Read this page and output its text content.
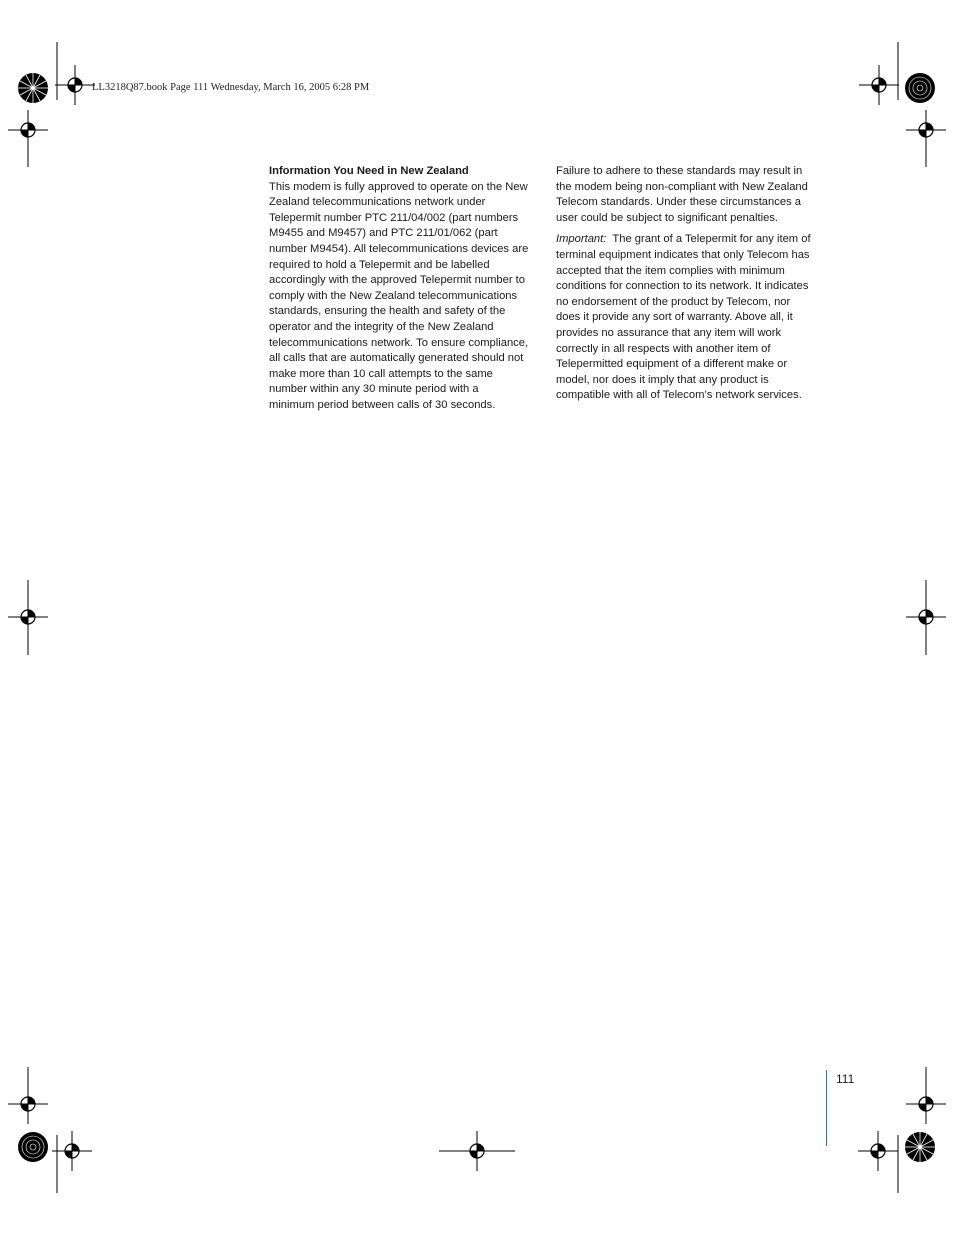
LL3218Q87.book Page 111 Wednesday, March 16, 2005 6:28 PM

Information You Need in New Zealand

This modem is fully approved to operate on the New
Zealand telecommunications network under
Telepermit number PTC 211/04/002 (part numbers
M9455 and M9457) and PTC 211/01/062 (part
number M9454). All telecommunications devices are
required to hold a Telepermit and be labelled
accordingly with the approved Telepermit number to
comply with the New Zealand telecommunications
standards, ensuring the health and safety of the
operator and the integrity of the New Zealand
telecommunications network. To ensure compliance,
all calls that are automatically generated should not
make more than 10 call attempts to the same
number within any 30 minute period with a
minimum period between calls of 30 seconds.

Failure to adhere to these standards may result in
the modem being non-compliant with New Zealand
Telecom standards. Under these circumstances a
user could be subject to significant penalties.

Important: The grant of a Telepermit for any item of
terminal equipment indicates that only Telecom has
accepted that the item complies with minimum
conditions for connection to its network. It indicates
no endorsement of the product by Telecom, nor
does it provide any sort of warranty. Above all, it
provides no assurance that any item will work
correctly in all respects with another item of
Telepermitted equipment of a different make or
model, nor does it imply that any product is
compatible with all of Telecom’s network services.

111
